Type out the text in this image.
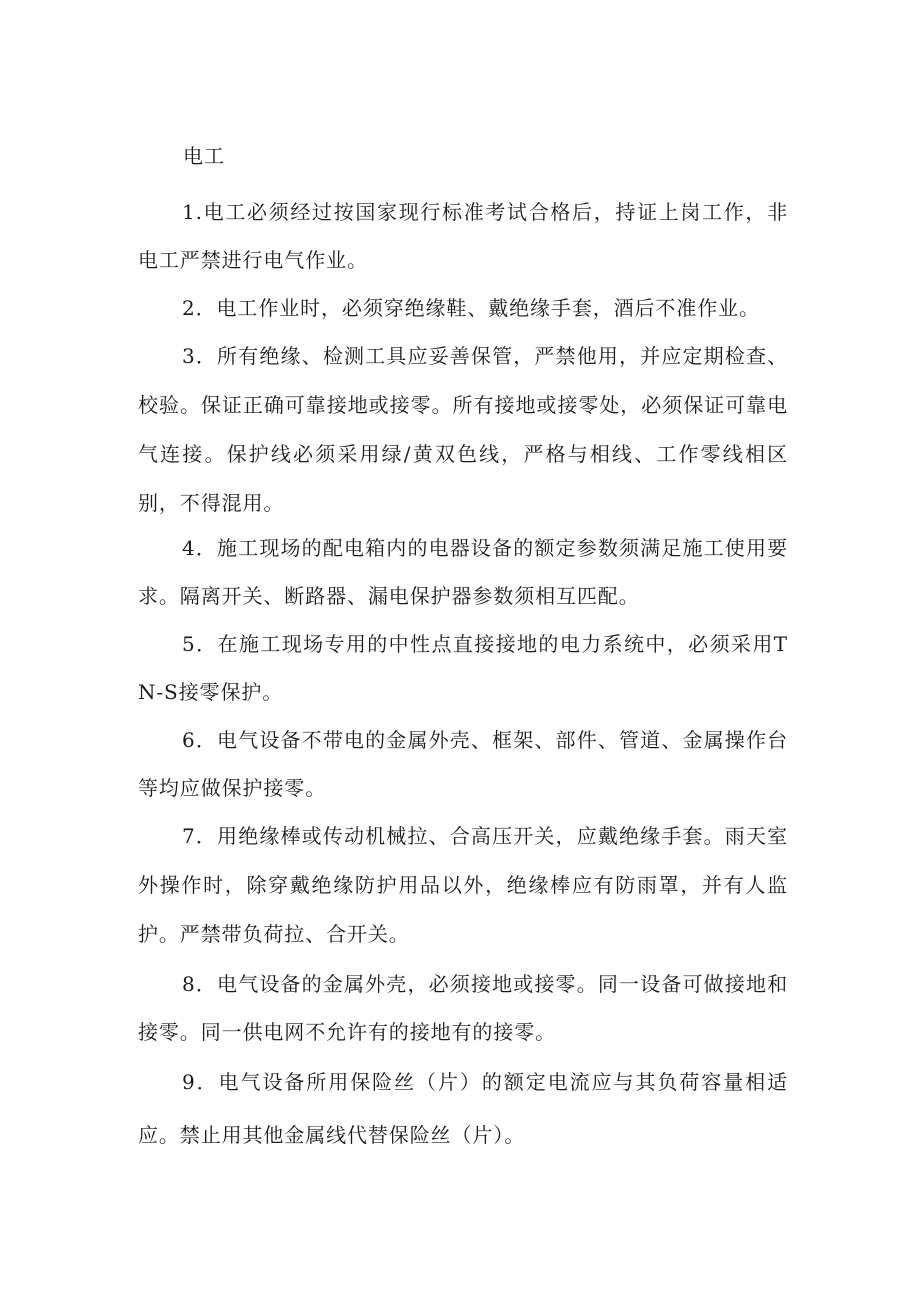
电工

1.电工必须经过按国家现行标准考试合格后，持证上岗工作，非电工严禁进行电气作业。

2．电工作业时，必须穿绝缘鞋、戴绝缘手套，酒后不准作业。

3．所有绝缘、检测工具应妥善保管，严禁他用，并应定期检查、校验。保证正确可靠接地或接零。所有接地或接零处，必须保证可靠电气连接。保护线必须采用绿/黄双色线，严格与相线、工作零线相区别，不得混用。

4．施工现场的配电箱内的电器设备的额定参数须满足施工使用要求。隔离开关、断路器、漏电保护器参数须相互匹配。

5．在施工现场专用的中性点直接接地的电力系统中，必须采用TN-S接零保护。

6．电气设备不带电的金属外壳、框架、部件、管道、金属操作台等均应做保护接零。

7．用绝缘棒或传动机械拉、合高压开关，应戴绝缘手套。雨天室外操作时，除穿戴绝缘防护用品以外，绝缘棒应有防雨罩，并有人监护。严禁带负荷拉、合开关。

8．电气设备的金属外壳，必须接地或接零。同一设备可做接地和接零。同一供电网不允许有的接地有的接零。

9．电气设备所用保险丝（片）的额定电流应与其负荷容量相适应。禁止用其他金属线代替保险丝（片）。
